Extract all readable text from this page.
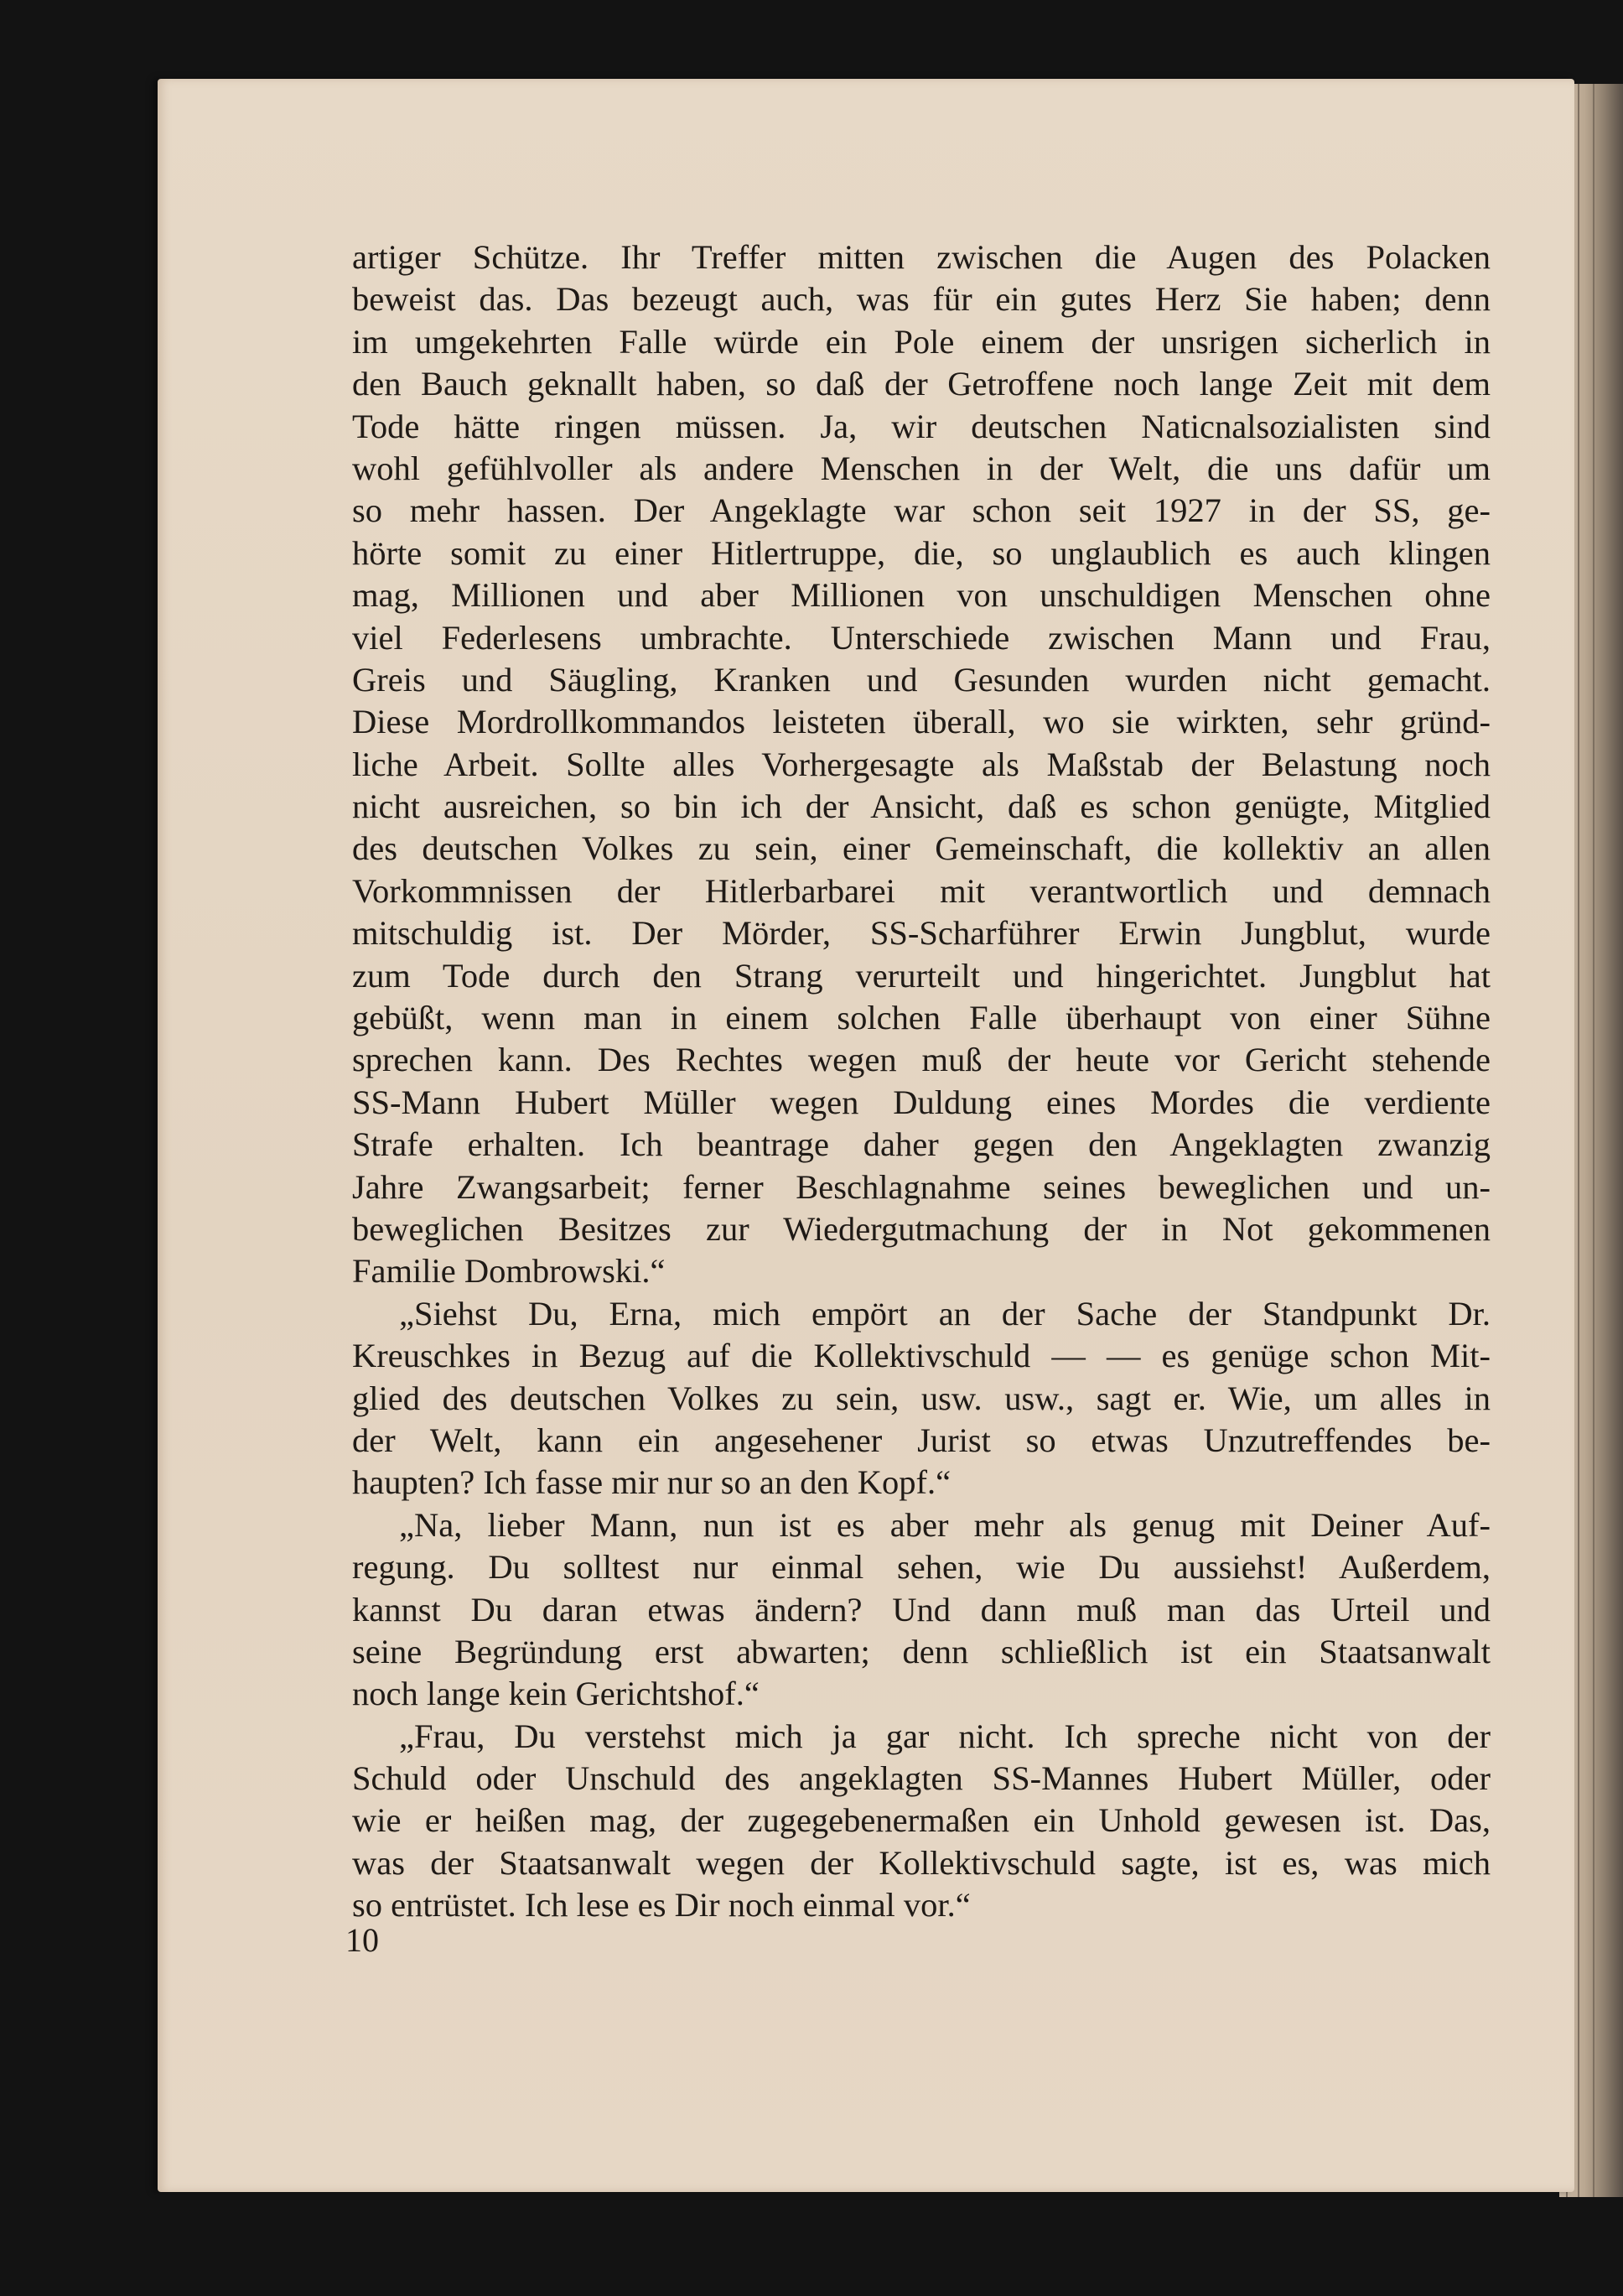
artiger Schütze. Ihr Treffer mitten zwischen die Augen des Polacken
beweist das. Das bezeugt auch, was für ein gutes Herz Sie haben; denn
im umgekehrten Falle würde ein Pole einem der unsrigen sicherlich in
den Bauch geknallt haben, so daß der Getroffene noch lange Zeit mit dem
Tode hätte ringen müssen. Ja, wir deutschen Naticnalsozialisten sind
wohl gefühlvoller als andere Menschen in der Welt, die uns dafür um
so mehr hassen. Der Angeklagte war schon seit 1927 in der SS, ge-
hörte somit zu einer Hitlertruppe, die, so unglaublich es auch klingen
mag, Millionen und aber Millionen von unschuldigen Menschen ohne
viel Federlesens umbrachte. Unterschiede zwischen Mann und Frau,
Greis und Säugling, Kranken und Gesunden wurden nicht gemacht.
Diese Mordrollkommandos leisteten überall, wo sie wirkten, sehr gründ-
liche Arbeit. Sollte alles Vorhergesagte als Maßstab der Belastung noch
nicht ausreichen, so bin ich der Ansicht, daß es schon genügte, Mitglied
des deutschen Volkes zu sein, einer Gemeinschaft, die kollektiv an allen
Vorkommnissen der Hitlerbarbarei mit verantwortlich und demnach
mitschuldig ist. Der Mörder, SS-Scharführer Erwin Jungblut, wurde
zum Tode durch den Strang verurteilt und hingerichtet. Jungblut hat
gebüßt, wenn man in einem solchen Falle überhaupt von einer Sühne
sprechen kann. Des Rechtes wegen muß der heute vor Gericht stehende
SS-Mann Hubert Müller wegen Duldung eines Mordes die verdiente
Strafe erhalten. Ich beantrage daher gegen den Angeklagten zwanzig
Jahre Zwangsarbeit; ferner Beschlagnahme seines beweglichen und un-
beweglichen Besitzes zur Wiedergutmachung der in Not gekommenen
Familie Dombrowski.“
„Siehst Du, Erna, mich empört an der Sache der Standpunkt Dr.
Kreuschkes in Bezug auf die Kollektivschuld — — es genüge schon Mit-
glied des deutschen Volkes zu sein, usw. usw., sagt er. Wie, um alles in
der Welt, kann ein angesehener Jurist so etwas Unzutreffendes be-
haupten? Ich fasse mir nur so an den Kopf.“
„Na, lieber Mann, nun ist es aber mehr als genug mit Deiner Auf-
regung. Du solltest nur einmal sehen, wie Du aussiehst! Außerdem,
kannst Du daran etwas ändern? Und dann muß man das Urteil und
seine Begründung erst abwarten; denn schließlich ist ein Staatsanwalt
noch lange kein Gerichtshof.“
„Frau, Du verstehst mich ja gar nicht. Ich spreche nicht von der
Schuld oder Unschuld des angeklagten SS-Mannes Hubert Müller, oder
wie er heißen mag, der zugegebenermaßen ein Unhold gewesen ist. Das,
was der Staatsanwalt wegen der Kollektivschuld sagte, ist es, was mich
so entrüstet. Ich lese es Dir noch einmal vor.“
10
